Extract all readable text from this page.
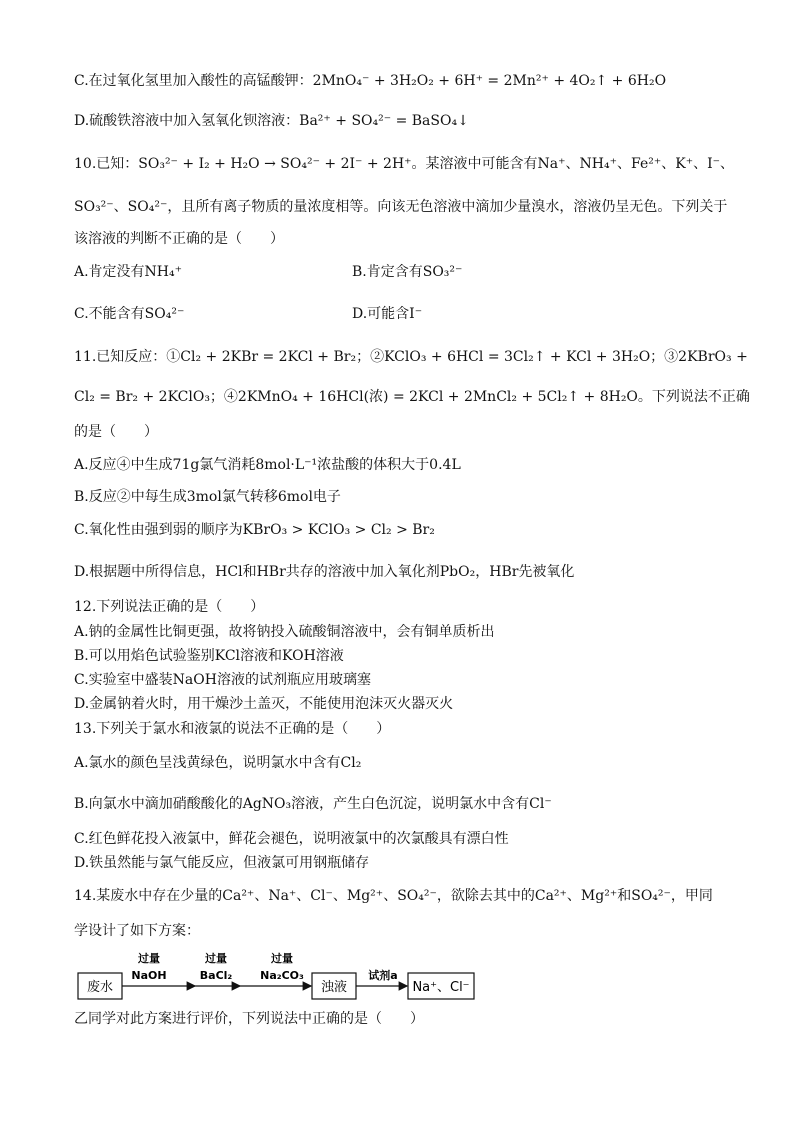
C.在过氧化氢里加入酸性的高锰酸钾：2MnO₄⁻ + 3H₂O₂ + 6H⁺ = 2Mn²⁺ + 4O₂↑ + 6H₂O
D.硫酸铁溶液中加入氢氧化钡溶液：Ba²⁺ + SO₄²⁻ = BaSO₄↓
10.已知：SO₃²⁻ + I₂ + H₂O → SO₄²⁻ + 2I⁻ + 2H⁺。某溶液中可能含有Na⁺、NH₄⁺、Fe²⁺、K⁺、I⁻、
SO₃²⁻、SO₄²⁻，且所有离子物质的量浓度相等。向该无色溶液中滴加少量溴水，溶液仍呈无色。下列关于
该溶液的判断不正确的是（　　）
A.肯定没有NH₄⁺	B.肯定含有SO₃²⁻
C.不能含有SO₄²⁻	D.可能含I⁻
11.已知反应：①Cl₂ + 2KBr = 2KCl + Br₂；②KClO₃ + 6HCl = 3Cl₂↑ + KCl + 3H₂O；③2KBrO₃ +
Cl₂ = Br₂ + 2KClO₃；④2KMnO₄ + 16HCl(浓) = 2KCl + 2MnCl₂ + 5Cl₂↑ + 8H₂O。下列说法不正确
的是（　　）
A.反应④中生成71g氯气消耗8mol·L⁻¹浓盐酸的体积大于0.4L
B.反应②中每生成3mol氯气转移6mol电子
C.氧化性由强到弱的顺序为KBrO₃ > KClO₃ > Cl₂ > Br₂
D.根据题中所得信息，HCl和HBr共存的溶液中加入氧化剂PbO₂，HBr先被氧化
12.下列说法正确的是（　　）
A.钠的金属性比铜更强，故将钠投入硫酸铜溶液中，会有铜单质析出
B.可以用焰色试验鉴别KCl溶液和KOH溶液
C.实验室中盛装NaOH溶液的试剂瓶应用玻璃塞
D.金属钠着火时，用干燥沙土盖灭，不能使用泡沫灭火器灭火
13.下列关于氯水和液氯的说法不正确的是（　　）
A.氯水的颜色呈浅黄绿色，说明氯水中含有Cl₂
B.向氯水中滴加硝酸酸化的AgNO₃溶液，产生白色沉淀，说明氯水中含有Cl⁻
C.红色鲜花投入液氯中，鲜花会褪色，说明液氯中的次氯酸具有漂白性
D.铁虽然能与氯气能反应，但液氯可用钢瓶储存
14.某废水中存在少量的Ca²⁺、Na⁺、Cl⁻、Mg²⁺、SO₄²⁻，欲除去其中的Ca²⁺、Mg²⁺和SO₄²⁻，甲同
学设计了如下方案：
废水
过量
NaOH
过量
BaCl₂
过量
Na₂CO₃
浊液
试剂a
Na⁺、Cl⁻
乙同学对此方案进行评价，下列说法中正确的是（　　）
